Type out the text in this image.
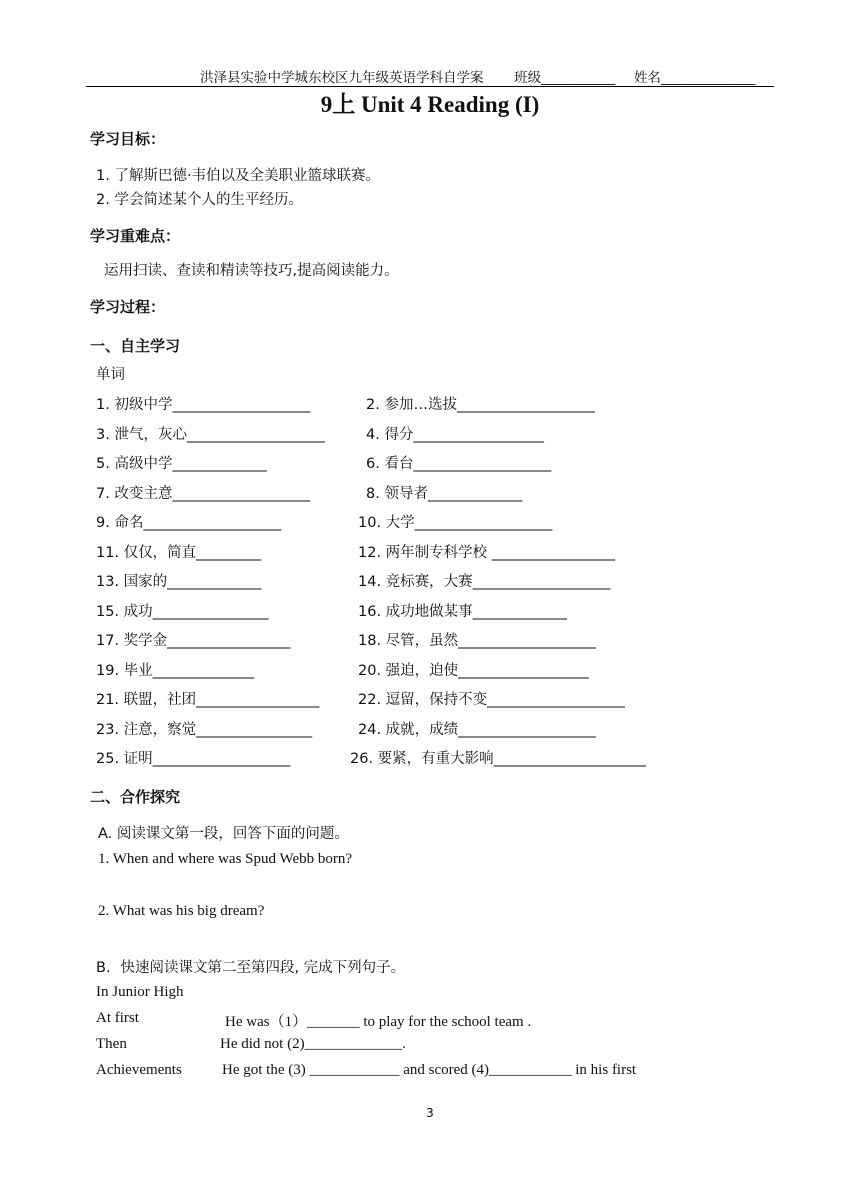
洪泽县实验中学城东校区九年级英语学科自学案 班级___________ 姓名______________
9上 Unit 4 Reading (I)
学习目标：
1. 了解斯巴德·韦伯以及全美职业篮球联赛。
2. 学会简述某个人的生平经历。
学习重难点：
运用扫读、查读和精读等技巧,提高阅读能力。
学习过程：
一、自主学习
单词
1. 初级中学___________________	2. 参加…选拔___________________
3. 泄气，灰心___________________	4. 得分__________________
5. 高级中学_____________	6. 看台___________________
7. 改变主意___________________	8. 领导者_____________
9. 命名___________________	10. 大学___________________
11. 仅仅，简直_________	12. 两年制专科学校 _________________
13. 国家的_____________	14. 竞标赛，大赛___________________
15. 成功________________	16. 成功地做某事_____________
17. 奖学金_________________	18. 尽管，虽然___________________
19. 毕业______________	20. 强迫，迫使__________________
21. 联盟，社团_________________	22. 逗留，保持不变___________________
23. 注意，察觉________________	24. 成就，成绩___________________
25. 证明___________________	26. 要紧，有重大影响_____________________
二、合作探究
A. 阅读课文第一段，回答下面的问题。
1. When and where was Spud Webb born?
2. What was his big dream?
B．快速阅读课文第二至第四段, 完成下列句子。
In Junior High
At first	He was（1）_______ to play for the school team .
Then	He did not (2)_____________.
Achievements	He got the (3) ____________ and scored (4)___________ in his first
3
